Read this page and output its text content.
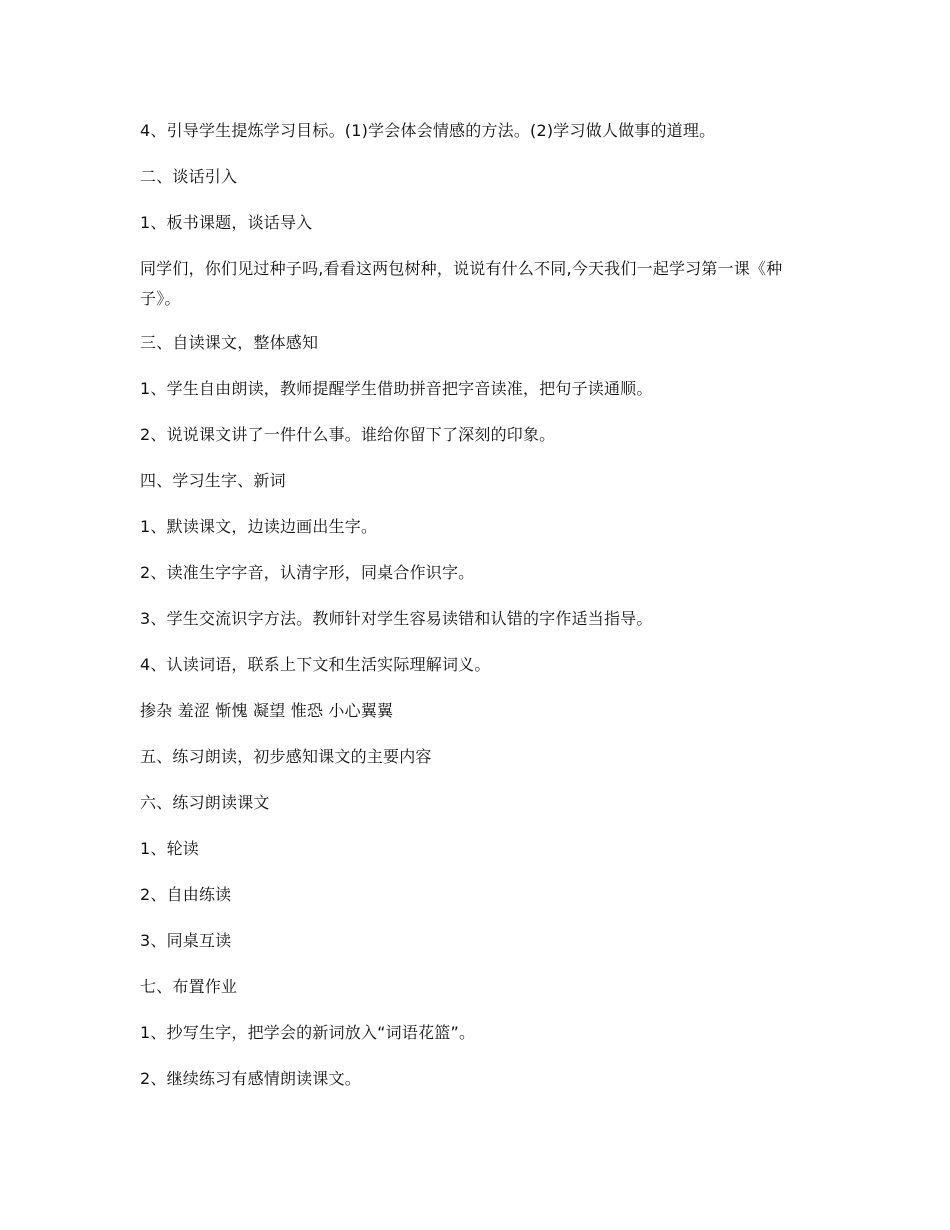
4、引导学生提炼学习目标。(1)学会体会情感的方法。(2)学习做人做事的道理。

二、谈话引入

1、板书课题，谈话导入

同学们，你们见过种子吗,看看这两包树种，说说有什么不同,今天我们一起学习第一课《种子》。

三、自读课文，整体感知

1、学生自由朗读，教师提醒学生借助拼音把字音读准，把句子读通顺。

2、说说课文讲了一件什么事。谁给你留下了深刻的印象。

四、学习生字、新词

1、默读课文，边读边画出生字。

2、读准生字字音，认清字形，同桌合作识字。

3、学生交流识字方法。教师针对学生容易读错和认错的字作适当指导。

4、认读词语，联系上下文和生活实际理解词义。

掺杂 羞涩 惭愧 凝望 惟恐 小心翼翼

五、练习朗读，初步感知课文的主要内容

六、练习朗读课文

1、轮读

2、自由练读

3、同桌互读

七、布置作业

1、抄写生字，把学会的新词放入“词语花篮”。

2、继续练习有感情朗读课文。
